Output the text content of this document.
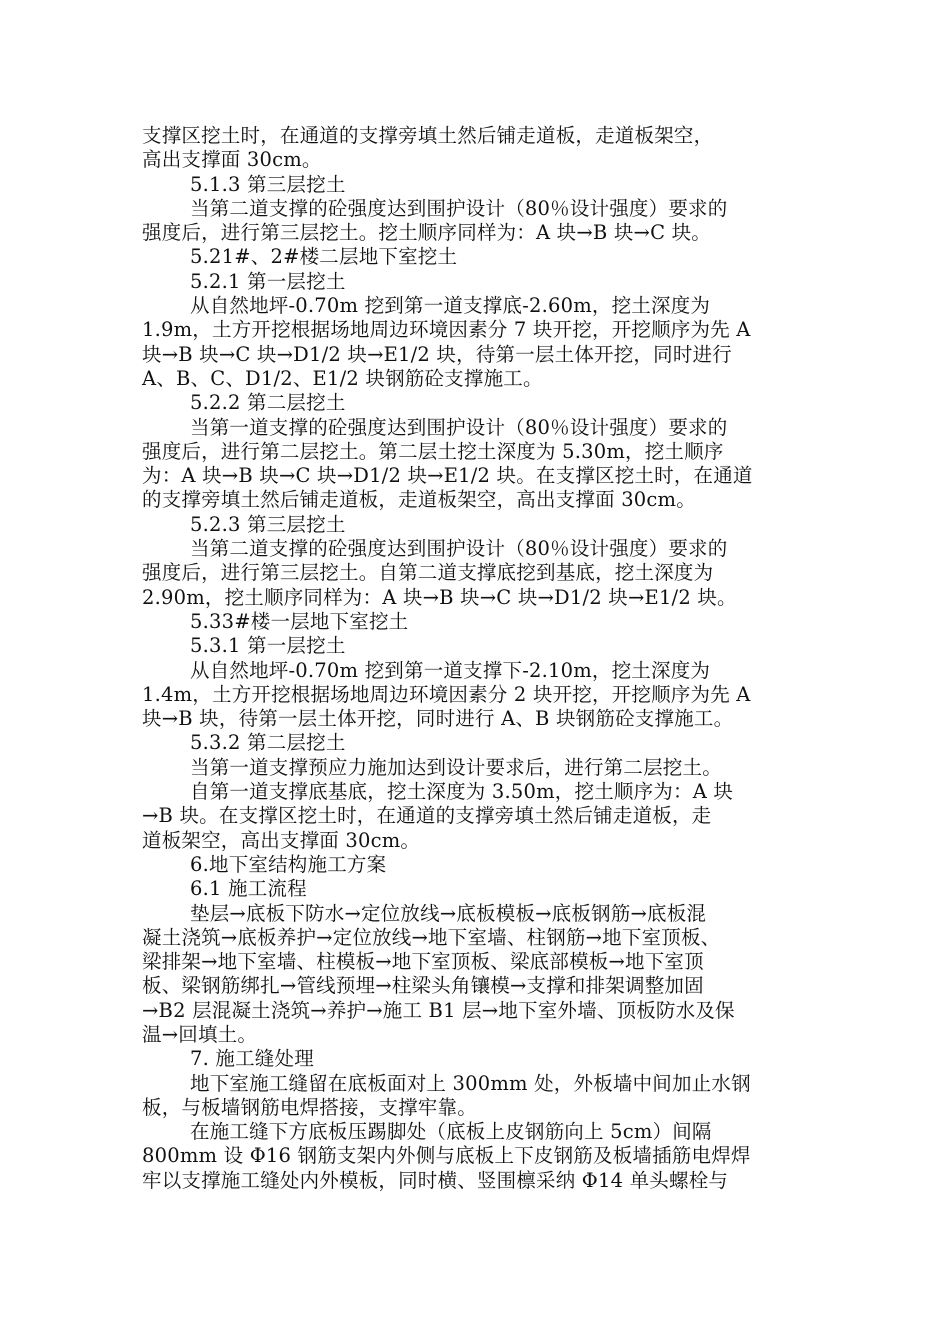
支撑区挖土时，在通道的支撑旁填土然后铺走道板，走道板架空，
高出支撑面 30cm。
5.1.3 第三层挖土
当第二道支撑的砼强度达到围护设计（80％设计强度）要求的
强度后，进行第三层挖土。挖土顺序同样为：A 块→B 块→C 块。
5.21#、2#楼二层地下室挖土
5.2.1 第一层挖土
从自然地坪-0.70m 挖到第一道支撑底-2.60m，挖土深度为
1.9m，土方开挖根据场地周边环境因素分 7 块开挖，开挖顺序为先 A
块→B 块→C 块→D1/2 块→E1/2 块，待第一层土体开挖，同时进行
A、B、C、D1/2、E1/2 块钢筋砼支撑施工。
5.2.2 第二层挖土
当第一道支撑的砼强度达到围护设计（80％设计强度）要求的
强度后，进行第二层挖土。第二层土挖土深度为 5.30m，挖土顺序
为：A 块→B 块→C 块→D1/2 块→E1/2 块。在支撑区挖土时，在通道
的支撑旁填土然后铺走道板，走道板架空，高出支撑面 30cm。
5.2.3 第三层挖土
当第二道支撑的砼强度达到围护设计（80％设计强度）要求的
强度后，进行第三层挖土。自第二道支撑底挖到基底，挖土深度为
2.90m，挖土顺序同样为：A 块→B 块→C 块→D1/2 块→E1/2 块。
5.33#楼一层地下室挖土
5.3.1 第一层挖土
从自然地坪-0.70m 挖到第一道支撑下-2.10m，挖土深度为
1.4m，土方开挖根据场地周边环境因素分 2 块开挖，开挖顺序为先 A
块→B 块，待第一层土体开挖，同时进行 A、B 块钢筋砼支撑施工。
5.3.2 第二层挖土
当第一道支撑预应力施加达到设计要求后，进行第二层挖土。
自第一道支撑底基底，挖土深度为 3.50m，挖土顺序为：A 块
→B 块。在支撑区挖土时，在通道的支撑旁填土然后铺走道板，走
道板架空，高出支撑面 30cm。
6.地下室结构施工方案
6.1 施工流程
垫层→底板下防水→定位放线→底板模板→底板钢筋→底板混
凝土浇筑→底板养护→定位放线→地下室墙、柱钢筋→地下室顶板、
梁排架→地下室墙、柱模板→地下室顶板、梁底部模板→地下室顶
板、梁钢筋绑扎→管线预埋→柱梁头角镶模→支撑和排架调整加固
→B2 层混凝土浇筑→养护→施工 B1 层→地下室外墙、顶板防水及保
温→回填土。
7. 施工缝处理
地下室施工缝留在底板面对上 300mm 处，外板墙中间加止水钢
板，与板墙钢筋电焊搭接，支撑牢靠。
在施工缝下方底板压踢脚处（底板上皮钢筋向上 5cm）间隔
800mm 设 Φ16 钢筋支架内外侧与底板上下皮钢筋及板墙插筋电焊焊
牢以支撑施工缝处内外模板，同时横、竖围檩采纳 Φ14 单头螺栓与
